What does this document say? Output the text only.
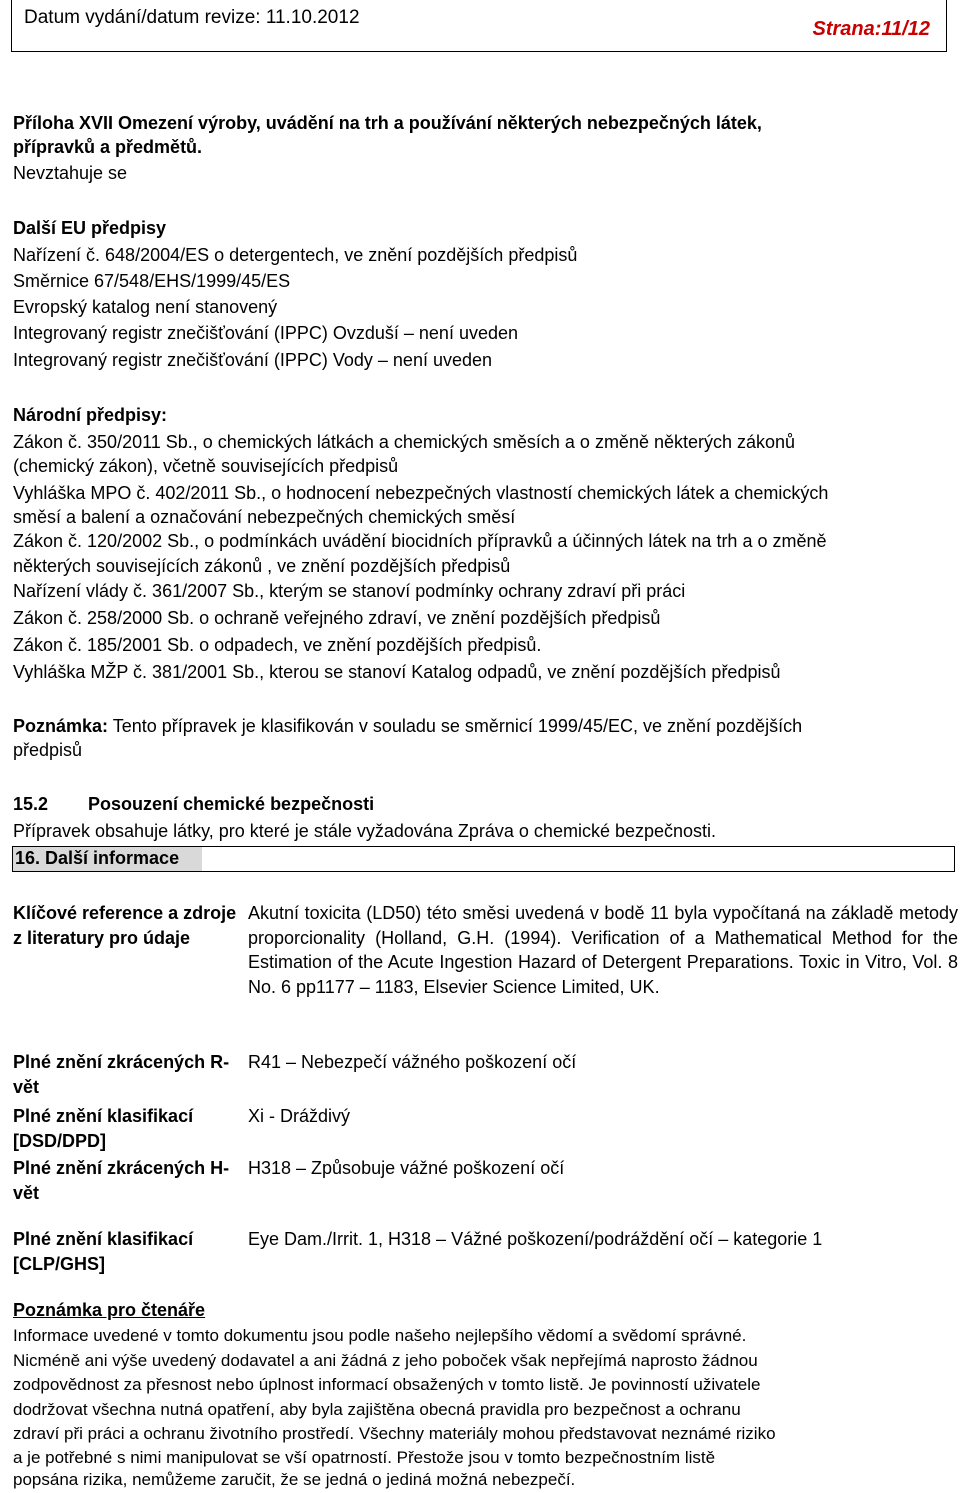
Datum vydání/datum revize: 11.10.2012
Strana:11/12
Příloha XVII Omezení výroby, uvádění na trh a používání některých nebezpečných látek,
přípravků a předmětů.
Nevztahuje se
Další EU předpisy
Nařízení č. 648/2004/ES o detergentech, ve znění pozdějších předpisů
Směrnice 67/548/EHS/1999/45/ES
Evropský katalog není stanovený
Integrovaný registr znečišťování (IPPC) Ovzduší – není uveden
Integrovaný registr znečišťování (IPPC) Vody – není uveden
Národní předpisy:
Zákon č. 350/2011 Sb., o chemických látkách a chemických směsích a o změně některých zákonů
(chemický zákon), včetně souvisejících předpisů
Vyhláška MPO č. 402/2011 Sb., o hodnocení nebezpečných vlastností chemických látek a chemických
směsí a balení a označování nebezpečných chemických směsí
Zákon č. 120/2002 Sb., o podmínkách uvádění biocidních přípravků a účinných látek na trh a o změně
některých souvisejících zákonů , ve znění pozdějších předpisů
Nařízení vlády č. 361/2007 Sb., kterým se stanoví podmínky ochrany zdraví při práci
Zákon č. 258/2000 Sb. o ochraně veřejného zdraví, ve znění pozdějších předpisů
Zákon č. 185/2001 Sb. o odpadech, ve znění pozdějších předpisů.
Vyhláška MŽP č. 381/2001 Sb., kterou se stanoví Katalog odpadů, ve znění pozdějších předpisů
Poznámka: Tento přípravek je klasifikován v souladu se směrnicí 1999/45/EC, ve znění pozdějších
předpisů
15.2 Posouzení chemické bezpečnosti
Přípravek obsahuje látky, pro které je stále vyžadována Zpráva o chemické bezpečnosti.
16. Další informace
Klíčové reference a zdroje z literatury pro údaje
Akutní toxicita (LD50) této směsi uvedená v bodě 11 byla vypočítaná na základě metody proporcionality (Holland, G.H. (1994). Verification of a Mathematical Method for the Estimation of the Acute Ingestion Hazard of Detergent Preparations. Toxic in Vitro, Vol. 8 No. 6 pp1177 – 1183, Elsevier Science Limited, UK.
Plné znění zkrácených R-vět
R41 – Nebezpečí vážného poškození očí
Plné znění klasifikací [DSD/DPD]
Xi - Dráždivý
Plné znění zkrácených H-vět
H318 – Způsobuje vážné poškození očí
Plné znění klasifikací [CLP/GHS]
Eye Dam./Irrit. 1, H318 – Vážné poškození/podráždění očí – kategorie 1
Poznámka pro čtenáře
Informace uvedené v tomto dokumentu jsou podle našeho nejlepšího vědomí a svědomí správné.
Nicméně ani výše uvedený dodavatel a ani žádná z jeho poboček však nepřejímá naprosto žádnou
zodpovědnost za přesnost nebo úplnost informací obsažených v tomto listě. Je povinností uživatele
dodržovat všechna nutná opatření, aby byla zajištěna obecná pravidla pro bezpečnost a ochranu
zdraví při práci a ochranu životního prostředí. Všechny materiály mohou představovat neznámé riziko
a je potřebné s nimi manipulovat se vší opatrností. Přestože jsou v tomto bezpečnostním listě
popsána rizika, nemůžeme zaručit, že se jedná o jediná možná nebezpečí.
